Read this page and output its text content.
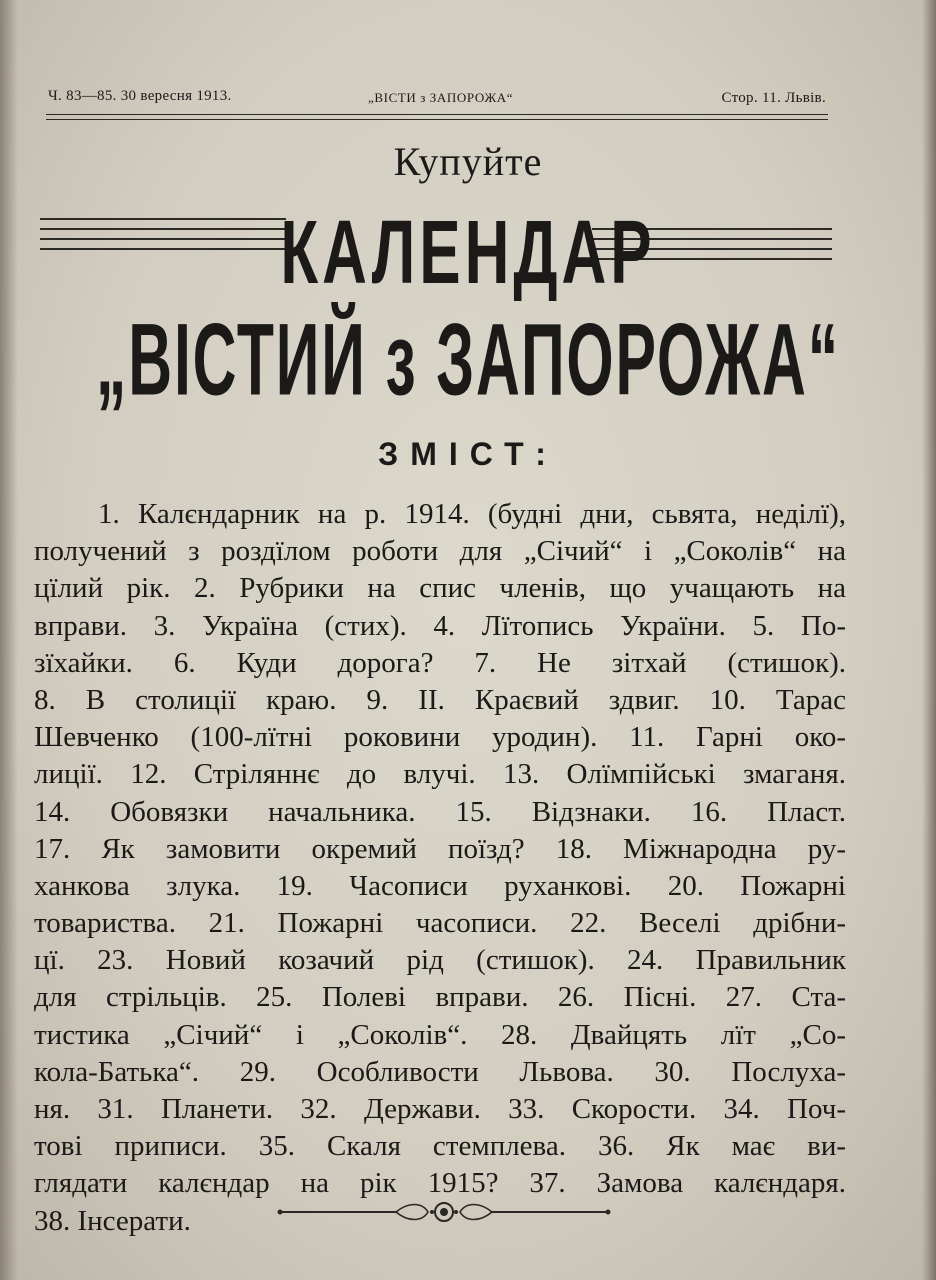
Ч. 83—85. 30 вересня 1913.	„ВІСТИ з ЗАПОРОЖА“	Стор. 11. Львів.
Купуйте
КАЛЕНДАР
„ВІСТИЙ з ЗАПОРОЖА“
ЗМІСТ:
1. Калєндарник на р. 1914. (будні дни, сьвята, неділї),
получений з роздїлом роботи для „Січий“ і „Соколів“ на
цїлий рік. 2. Рубрики на спис членів, що учащають на
вправи. 3. Україна (стих). 4. Лїтопись України. 5. По-
зїхайки. 6. Куди дорога? 7. Не зітхай (стишок).
8. В столиції краю. 9. II. Краєвий здвиг. 10. Тарас
Шевченко (100-лїтні роковини уродин). 11. Гарні око-
лиції. 12. Стріляннє до влучі. 13. Олїмпійські змаганя.
14. Обовязки начальника. 15. Відзнаки. 16. Пласт.
17. Як замовити окремий поїзд? 18. Міжнародна ру-
ханкова злука. 19. Часописи руханкові. 20. Пожарні
товариства. 21. Пожарні часописи. 22. Веселі дрібни-
цї. 23. Новий козачий рід (стишок). 24. Правильник
для стрільців. 25. Полеві вправи. 26. Пісні. 27. Ста-
тистика „Січий“ і „Соколів“. 28. Двайцять лїт „Со-
кола-Батька“. 29. Особливости Львова. 30. Послуха-
ня. 31. Планети. 32. Держави. 33. Скорости. 34. Поч-
тові приписи. 35. Скаля стемплева. 36. Як має ви-
глядати калєндар на рік 1915? 37. Замова калєндаря.
38. Інсерати.
